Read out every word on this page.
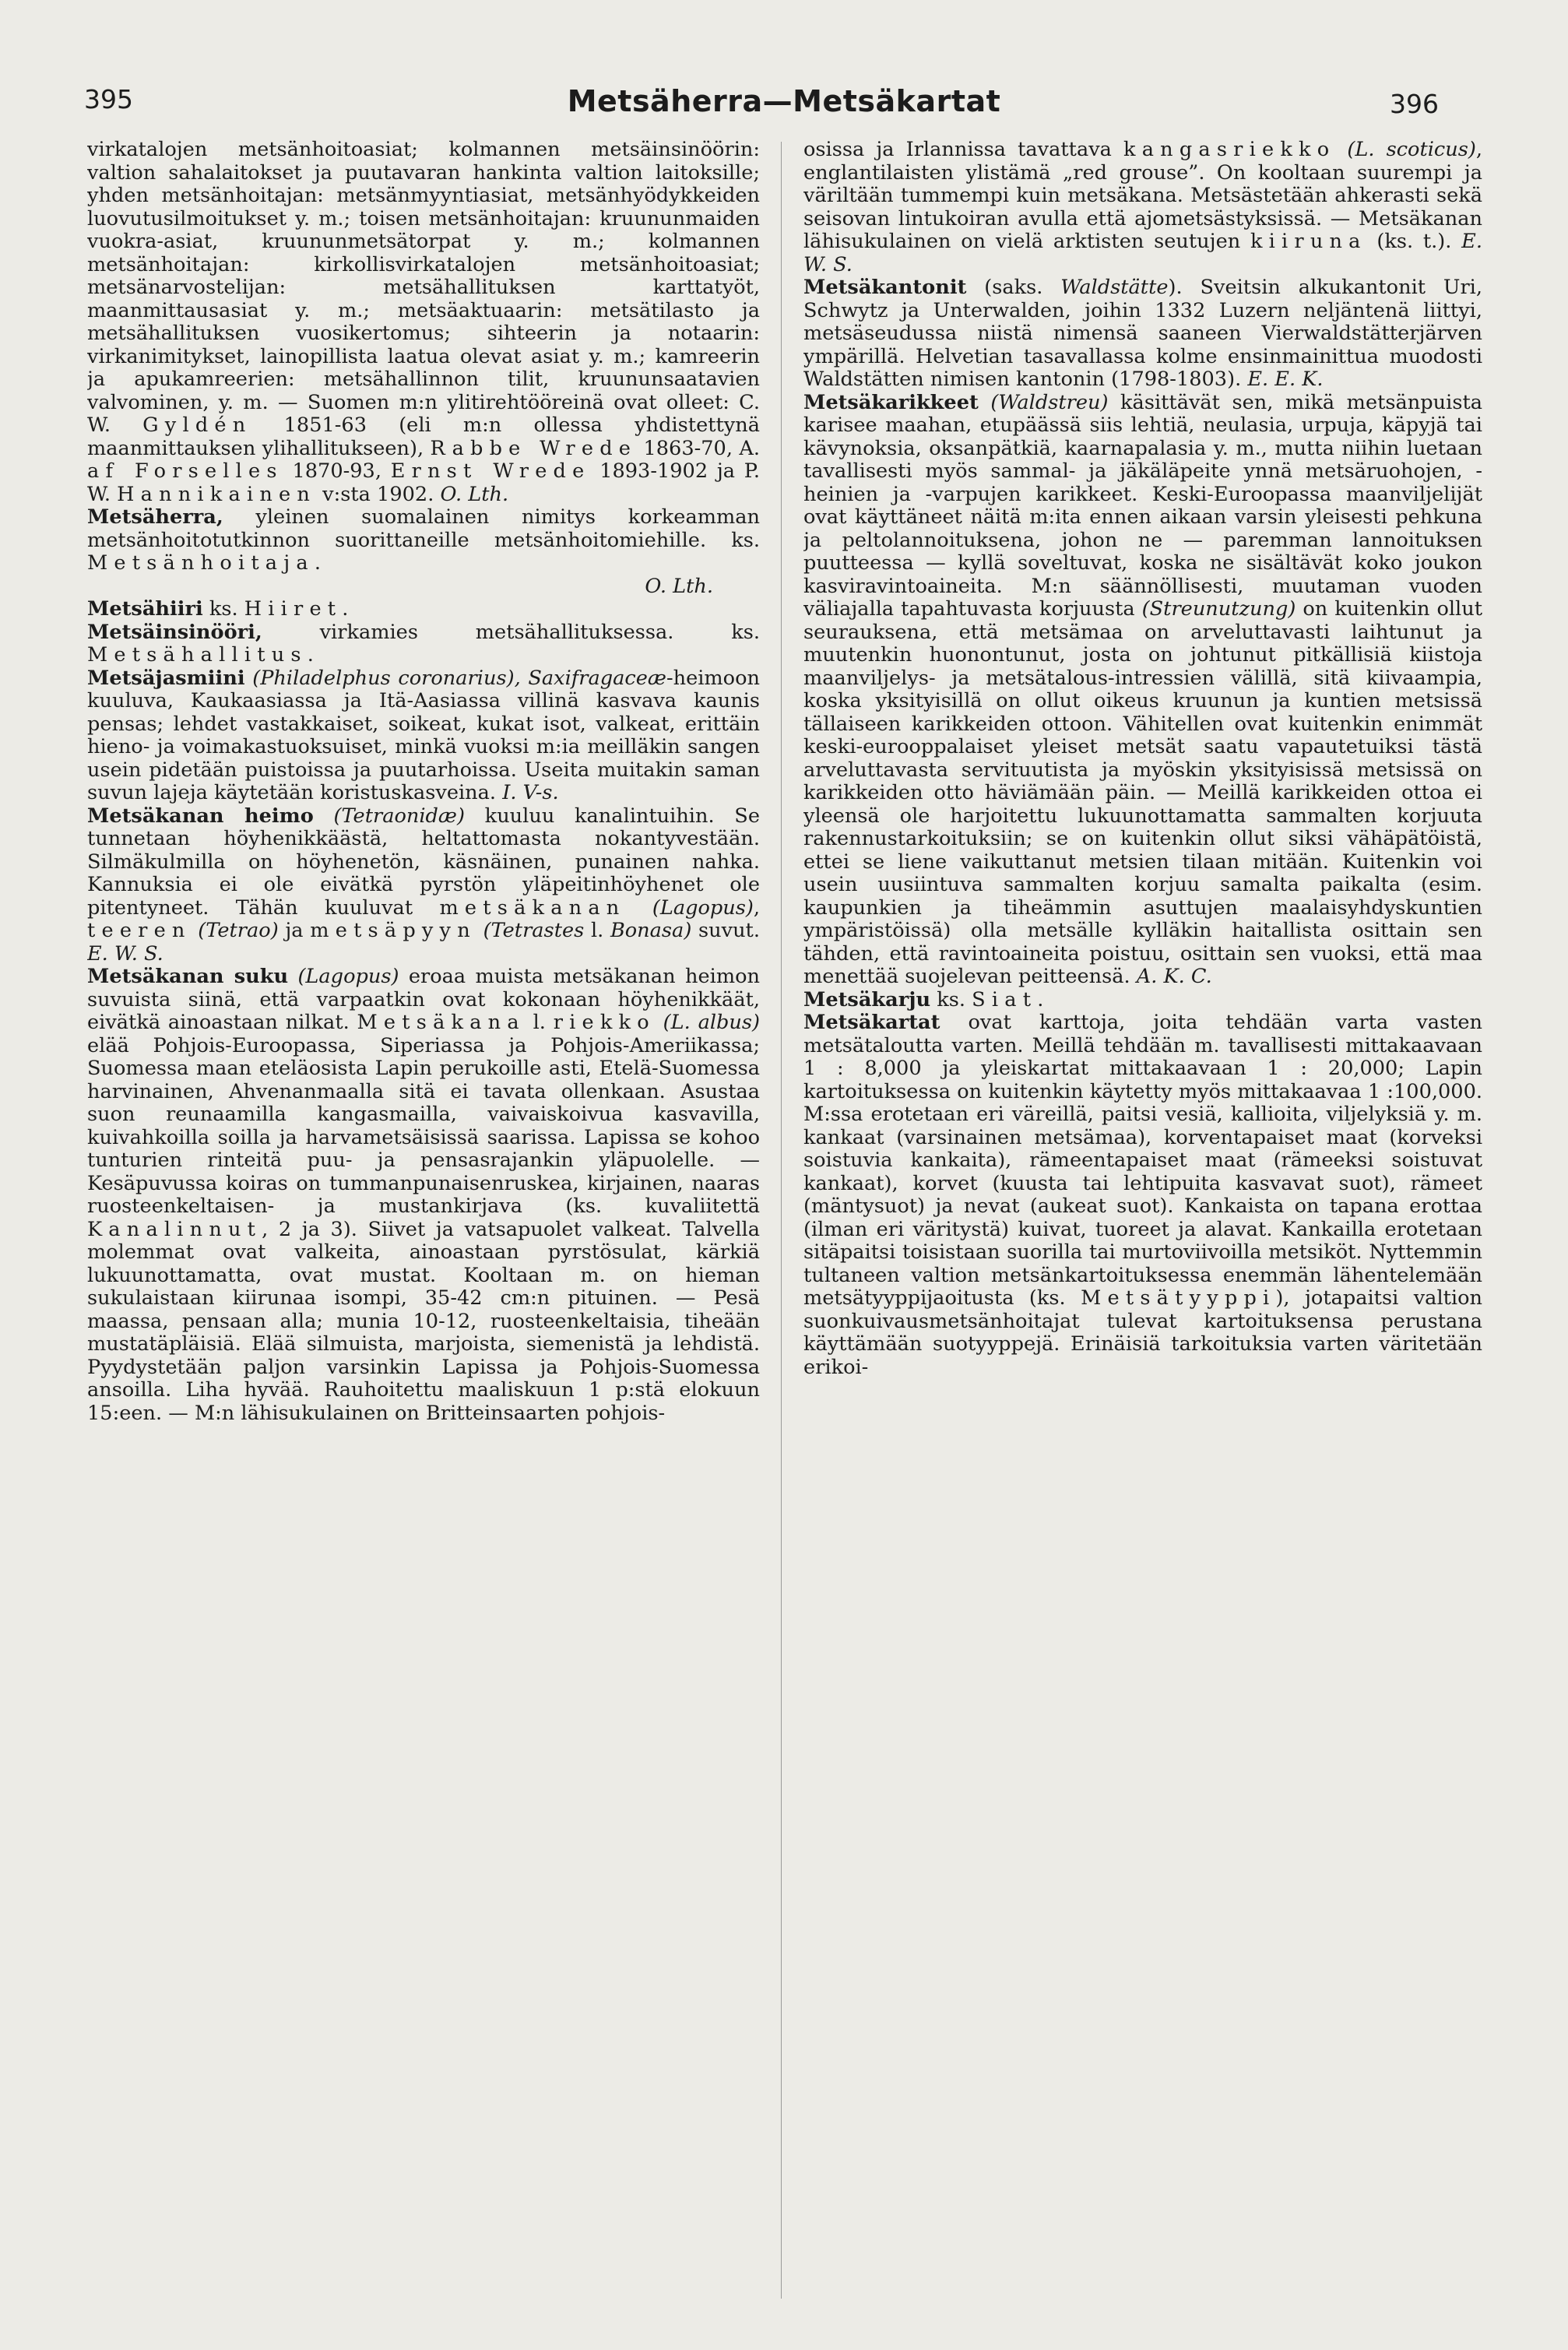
395	Metsäherra—Metsäkartat	396

virkatalojen metsänhoitoasiat; kolmannen metsäinsinöörin: valtion sahalaitokset ja puutavaran hankinta valtion laitoksille; yhden metsänhoitajan: metsänmyyntiasiat, metsänhyödykkeiden luovutusilmoitukset y. m.; toisen metsänhoitajan: kruununmaiden vuokra-asiat, kruununmetsätorpat y. m.; kolmannen metsänhoitajan: kirkollisvirkatalojen metsänhoitoasiat; metsänarvostelijan: metsähallituksen karttatyöt, maanmittausasiat y. m.; metsäaktuaarin: metsätilasto ja metsähallituksen vuosikertomus; sihteerin ja notaarin: virkanimitykset, lainopillista laatua olevat asiat y. m.; kamreerin ja apukamreerien: metsähallinnon tilit, kruununsaatavien valvominen, y. m. — Suomen m:n ylitirehtööreinä ovat olleet: C. W. Gyldén 1851-63 (eli m:n ollessa yhdistettynä maanmittauksen ylihallitukseen), Rabbe Wrede 1863-70, A. af Forselles 1870-93, Ernst Wrede 1893-1902 ja P. W. Hannikainen v:sta 1902. O. Lth.

Metsäherra, yleinen suomalainen nimitys korkeamman metsänhoitotutkinnon suorittaneille metsänhoitomiehille. ks. Metsänhoitaja.

O. Lth.

Metsähiiri ks. Hiiret.

Metsäinsinööri, virkamies metsähallituksessa. ks. Metsähallitus.

Metsäjasmiini (Philadelphus coronarius), Saxifragaceæ-heimoon kuuluva, Kaukaasiassa ja Itä-Aasiassa villinä kasvava kaunis pensas; lehdet vastakkaiset, soikeat, kukat isot, valkeat, erittäin hieno- ja voimakastuoksuiset, minkä vuoksi m:ia meilläkin sangen usein pidetään puistoissa ja puutarhoissa. Useita muitakin saman suvun lajeja käytetään koristuskasveina. I. V-s.

Metsäkanan heimo (Tetraonidæ) kuuluu kanalintuihin. Se tunnetaan höyhenikkäästä, heltattomasta nokantyvestään. Silmäkulmilla on höyhenetön, käsnäinen, punainen nahka. Kannuksia ei ole eivätkä pyrstön yläpeitinhöyhenet ole pitentyneet. Tähän kuuluvat metsäkanan (Lagopus), teeren (Tetrao) ja metsäpyyn (Tetrastes l. Bonasa) suvut. E. W. S.

Metsäkanan suku (Lagopus) eroaa muista metsäkanan heimon suvuista siinä, että varpaatkin ovat kokonaan höyhenikkäät, eivätkä ainoastaan nilkat. Metsäkana l. riekko (L. albus) elää Pohjois-Euroopassa, Siperiassa ja Pohjois-Ameriikassa; Suomessa maan eteläosista Lapin perukoille asti, Etelä-Suomessa harvinainen, Ahvenanmaalla sitä ei tavata ollenkaan. Asustaa suon reunaamilla kangasmailla, vaivaiskoivua kasvavilla, kuivahkoilla soilla ja harvametsäisissä saarissa. Lapissa se kohoo tunturien rinteitä puu- ja pensasrajankin yläpuolelle. — Kesäpuvussa koiras on tummanpunaisenruskea, kirjainen, naaras ruosteenkeltaisen- ja mustankirjava (ks. kuvaliitettä Kanalinnut, 2 ja 3). Siivet ja vatsapuolet valkeat. Talvella molemmat ovat valkeita, ainoastaan pyrstösulat, kärkiä lukuunottamatta, ovat mustat. Kooltaan m. on hieman sukulaistaan kiirunaa isompi, 35-42 cm:n pituinen. — Pesä maassa, pensaan alla; munia 10-12, ruosteenkeltaisia, tiheään mustatäpläisiä. Elää silmuista, marjoista, siemenistä ja lehdistä. Pyydystetään paljon varsinkin Lapissa ja Pohjois-Suomessa ansoilla. Liha hyvää. Rauhoitettu maaliskuun 1 p:stä elokuun 15:een. — M:n lähisukulainen on Britteinsaarten pohjois-

osissa ja Irlannissa tavattava kangasriekko (L. scoticus), englantilaisten ylistämä „red grouse”. On kooltaan suurempi ja väriltään tummempi kuin metsäkana. Metsästetään ahkerasti sekä seisovan lintukoiran avulla että ajometsästyksissä. — Metsäkanan lähisukulainen on vielä arktisten seutujen kiiruna (ks. t.). E. W. S.

Metsäkantonit (saks. Waldstätte). Sveitsin alkukantonit Uri, Schwytz ja Unterwalden, joihin 1332 Luzern neljäntenä liittyi, metsäseudussa niistä nimensä saaneen Vierwaldstätterjärven ympärillä. Helvetian tasavallassa kolme ensinmainittua muodosti Waldstätten nimisen kantonin (1798-1803). E. E. K.

Metsäkarikkeet (Waldstreu) käsittävät sen, mikä metsänpuista karisee maahan, etupäässä siis lehtiä, neulasia, urpuja, käpyjä tai kävynoksia, oksanpätkiä, kaarnapalasia y. m., mutta niihin luetaan tavallisesti myös sammal- ja jäkäläpeite ynnä metsäruohojen, -heinien ja -varpujen karikkeet. Keski-Euroopassa maanviljelijät ovat käyttäneet näitä m:ita ennen aikaan varsin yleisesti pehkuna ja peltolannoituksena, johon ne — paremman lannoituksen puutteessa — kyllä soveltuvat, koska ne sisältävät koko joukon kasviravintoaineita. M:n säännöllisesti, muutaman vuoden väliajalla tapahtuvasta korjuusta (Streunutzung) on kuitenkin ollut seurauksena, että metsämaa on arveluttavasti laihtunut ja muutenkin huonontunut, josta on johtunut pitkällisiä kiistoja maanviljelys- ja metsätalous-intressien välillä, sitä kiivaampia, koska yksityisillä on ollut oikeus kruunun ja kuntien metsissä tällaiseen karikkeiden ottoon. Vähitellen ovat kuitenkin enimmät keski-eurooppalaiset yleiset metsät saatu vapautetuiksi tästä arveluttavasta servituutista ja myöskin yksityisissä metsissä on karikkeiden otto häviämään päin. — Meillä karikkeiden ottoa ei yleensä ole harjoitettu lukuunottamatta sammalten korjuuta rakennustarkoituksiin; se on kuitenkin ollut siksi vähäpätöistä, ettei se liene vaikuttanut metsien tilaan mitään. Kuitenkin voi usein uusiintuva sammalten korjuu samalta paikalta (esim. kaupunkien ja tiheämmin asuttujen maalaisyhdyskuntien ympäristöissä) olla metsälle kylläkin haitallista osittain sen tähden, että ravintoaineita poistuu, osittain sen vuoksi, että maa menettää suojelevan peitteensä. A. K. C.

Metsäkarju ks. Siat.

Metsäkartat ovat karttoja, joita tehdään varta vasten metsätaloutta varten. Meillä tehdään m. tavallisesti mittakaavaan 1 : 8,000 ja yleiskartat mittakaavaan 1 : 20,000; Lapin kartoituksessa on kuitenkin käytetty myös mittakaavaa 1 :100,000. M:ssa erotetaan eri väreillä, paitsi vesiä, kallioita, viljelyksiä y. m. kankaat (varsinainen metsämaa), korventapaiset maat (korveksi soistuvia kankaita), rämeentapaiset maat (rämeeksi soistuvat kankaat), korvet (kuusta tai lehtipuita kasvavat suot), rämeet (mäntysuot) ja nevat (aukeat suot). Kankaista on tapana erottaa (ilman eri väritystä) kuivat, tuoreet ja alavat. Kankailla erotetaan sitäpaitsi toisistaan suorilla tai murtoviivoilla metsiköt. Nyttemmin tultaneen valtion metsänkartoituksessa enemmän lähentelemään metsätyyppijaoitusta (ks. Metsätyyppi), jotapaitsi valtion suonkuivausmetsänhoitajat tulevat kartoituksensa perustana käyttämään suotyyppejä. Erinäisiä tarkoituksia varten väritetään erikoi-
